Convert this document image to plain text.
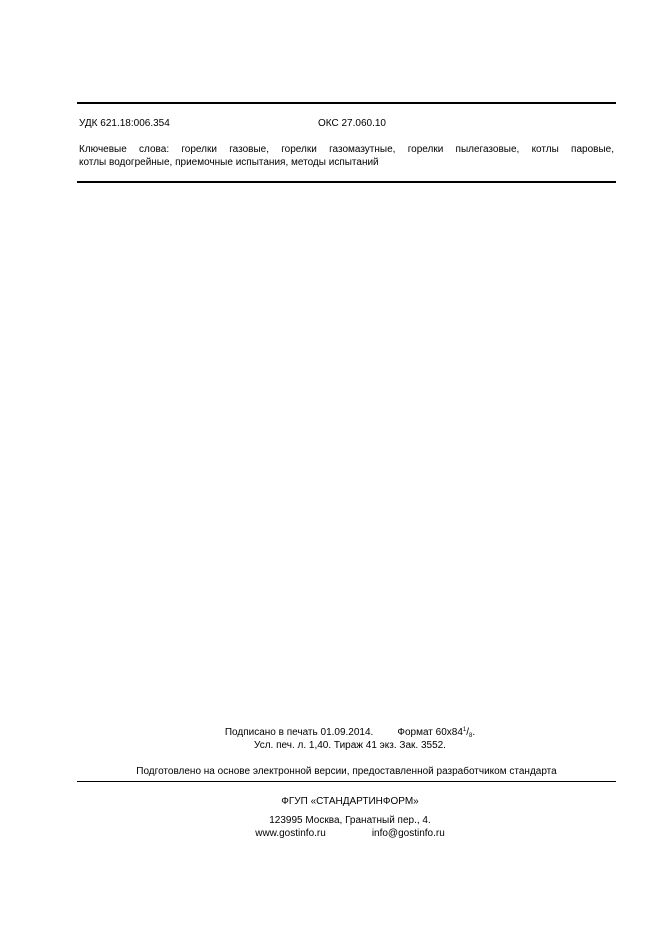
УДК 621.18:006.354	ОКС 27.060.10
Ключевые слова: горелки газовые, горелки газомазутные, горелки пылегазовые, котлы паровые,
котлы водогрейные, приемочные испытания, методы испытаний
Подписано в печать 01.09.2014. Формат $60x84^1/_8$.
Усл. печ. л. 1,40. Тираж 41 экз. Зак. 3552.
Подготовлено на основе электронной версии, предоставленной разработчиком стандарта
ФГУП «СТАНДАРТИНФОРМ»
123995 Москва, Гранатный пер., 4.
www.gostinfo.ru	info@gostinfo.ru
